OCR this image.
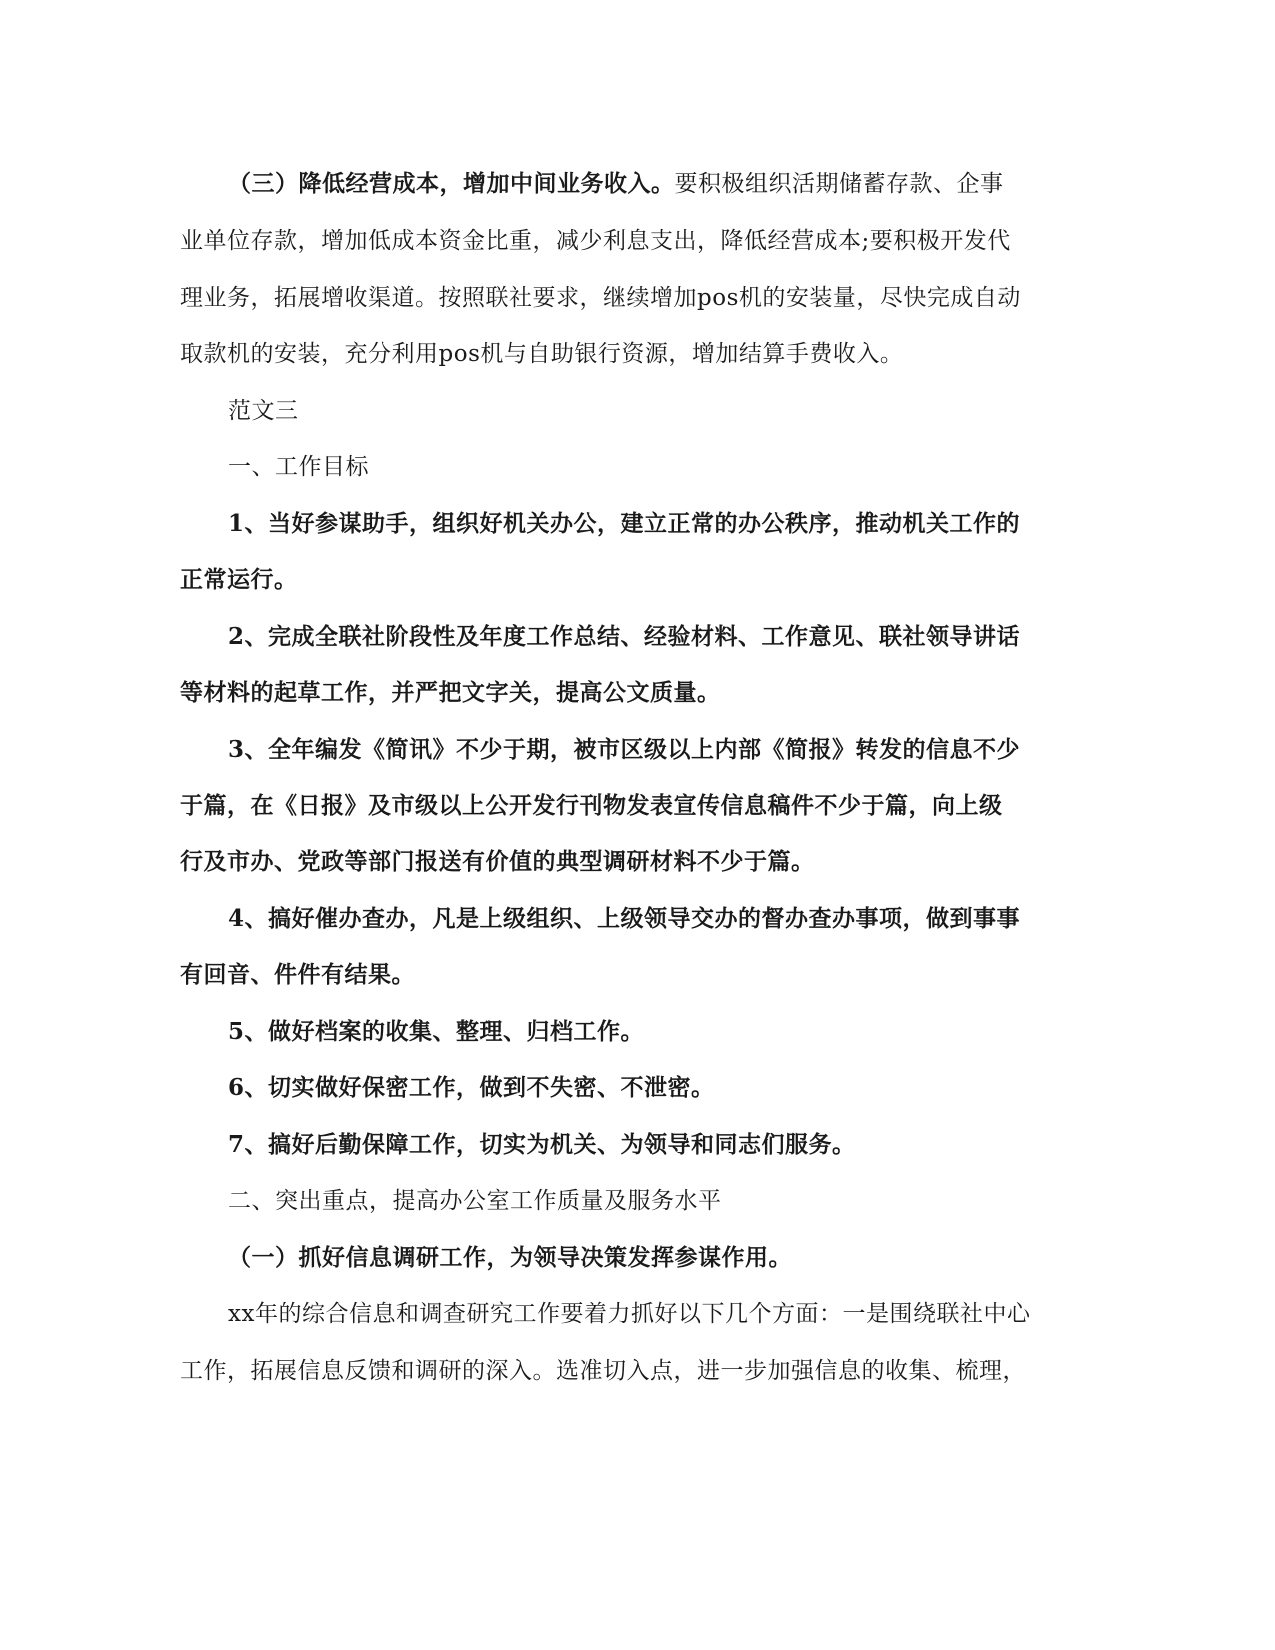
（三）降低经营成本，增加中间业务收入。要积极组织活期储蓄存款、企事
业单位存款，增加低成本资金比重，减少利息支出，降低经营成本;要积极开发代
理业务，拓展增收渠道。按照联社要求，继续增加pos机的安装量，尽快完成自动
取款机的安装，充分利用pos机与自助银行资源，增加结算手费收入。
范文三
一、工作目标
1、当好参谋助手，组织好机关办公，建立正常的办公秩序，推动机关工作的
正常运行。
2、完成全联社阶段性及年度工作总结、经验材料、工作意见、联社领导讲话
等材料的起草工作，并严把文字关，提高公文质量。
3、全年编发《简讯》不少于期，被市区级以上内部《简报》转发的信息不少
于篇，在《日报》及市级以上公开发行刊物发表宣传信息稿件不少于篇，向上级
行及市办、党政等部门报送有价值的典型调研材料不少于篇。
4、搞好催办查办，凡是上级组织、上级领导交办的督办查办事项，做到事事
有回音、件件有结果。
5、做好档案的收集、整理、归档工作。
6、切实做好保密工作，做到不失密、不泄密。
7、搞好后勤保障工作，切实为机关、为领导和同志们服务。
二、突出重点，提高办公室工作质量及服务水平
（一）抓好信息调研工作，为领导决策发挥参谋作用。
xx年的综合信息和调查研究工作要着力抓好以下几个方面：一是围绕联社中心
工作，拓展信息反馈和调研的深入。选准切入点，进一步加强信息的收集、梳理，
